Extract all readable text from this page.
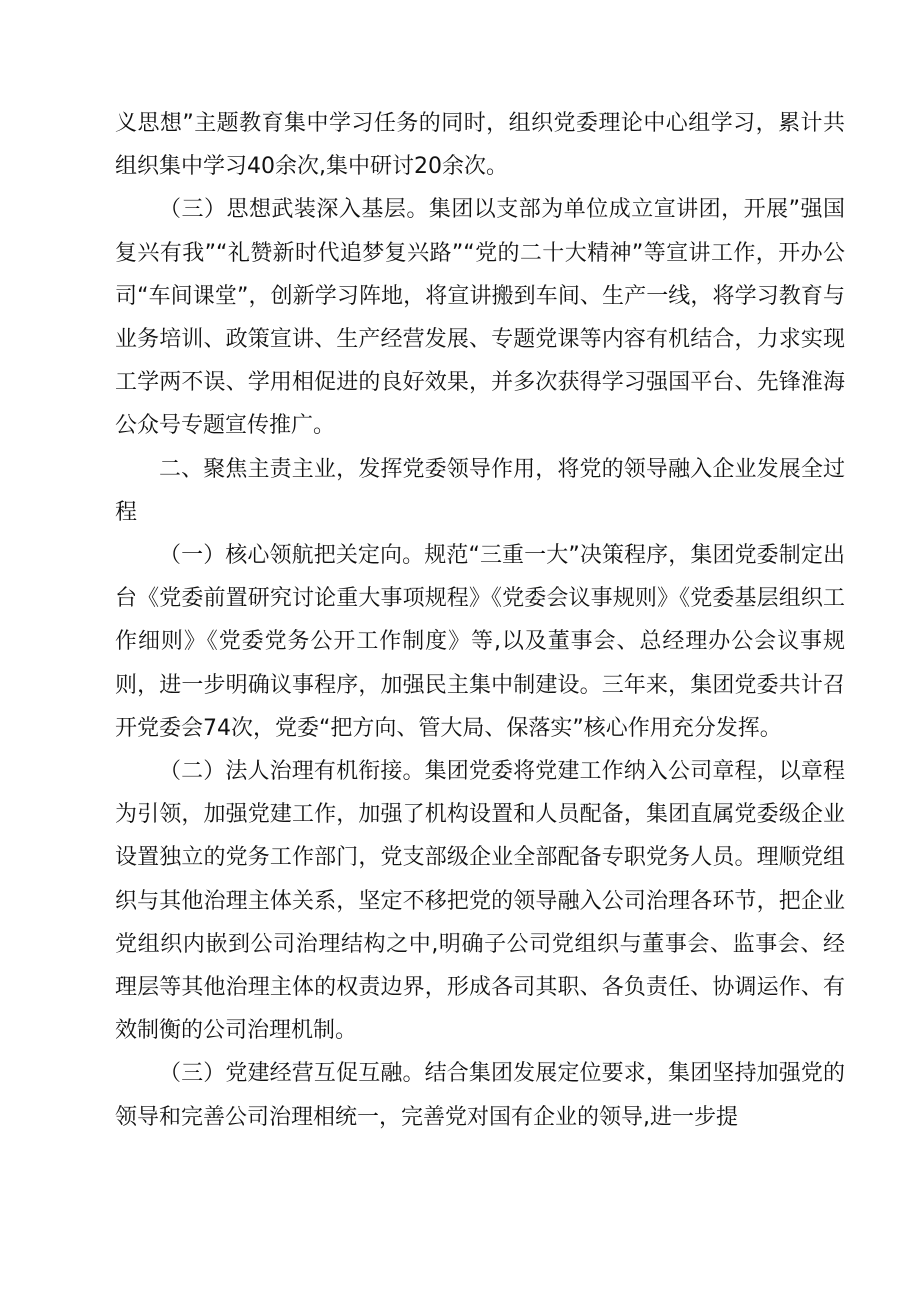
义思想”主题教育集中学习任务的同时，组织党委理论中心组学习，累计共组织集中学习40余次,集中研讨20余次。

（三）思想武装深入基层。集团以支部为单位成立宣讲团，开展”强国复兴有我”“礼赞新时代追梦复兴路”“党的二十大精神”等宣讲工作，开办公司“车间课堂”，创新学习阵地，将宣讲搬到车间、生产一线，将学习教育与业务培训、政策宣讲、生产经营发展、专题党课等内容有机结合，力求实现工学两不误、学用相促进的良好效果，并多次获得学习强国平台、先锋淮海公众号专题宣传推广。

二、聚焦主责主业，发挥党委领导作用，将党的领导融入企业发展全过程

（一）核心领航把关定向。规范“三重一大”决策程序，集团党委制定出台《党委前置研究讨论重大事项规程》《党委会议事规则》《党委基层组织工作细则》《党委党务公开工作制度》等,以及董事会、总经理办公会议事规则，进一步明确议事程序，加强民主集中制建设。三年来，集团党委共计召开党委会74次，党委“把方向、管大局、保落实”核心作用充分发挥。

（二）法人治理有机衔接。集团党委将党建工作纳入公司章程，以章程为引领，加强党建工作，加强了机构设置和人员配备，集团直属党委级企业设置独立的党务工作部门，党支部级企业全部配备专职党务人员。理顺党组织与其他治理主体关系，坚定不移把党的领导融入公司治理各环节，把企业党组织内嵌到公司治理结构之中,明确子公司党组织与董事会、监事会、经理层等其他治理主体的权责边界，形成各司其职、各负责任、协调运作、有效制衡的公司治理机制。

（三）党建经营互促互融。结合集团发展定位要求，集团坚持加强党的领导和完善公司治理相统一，完善党对国有企业的领导,进一步提
